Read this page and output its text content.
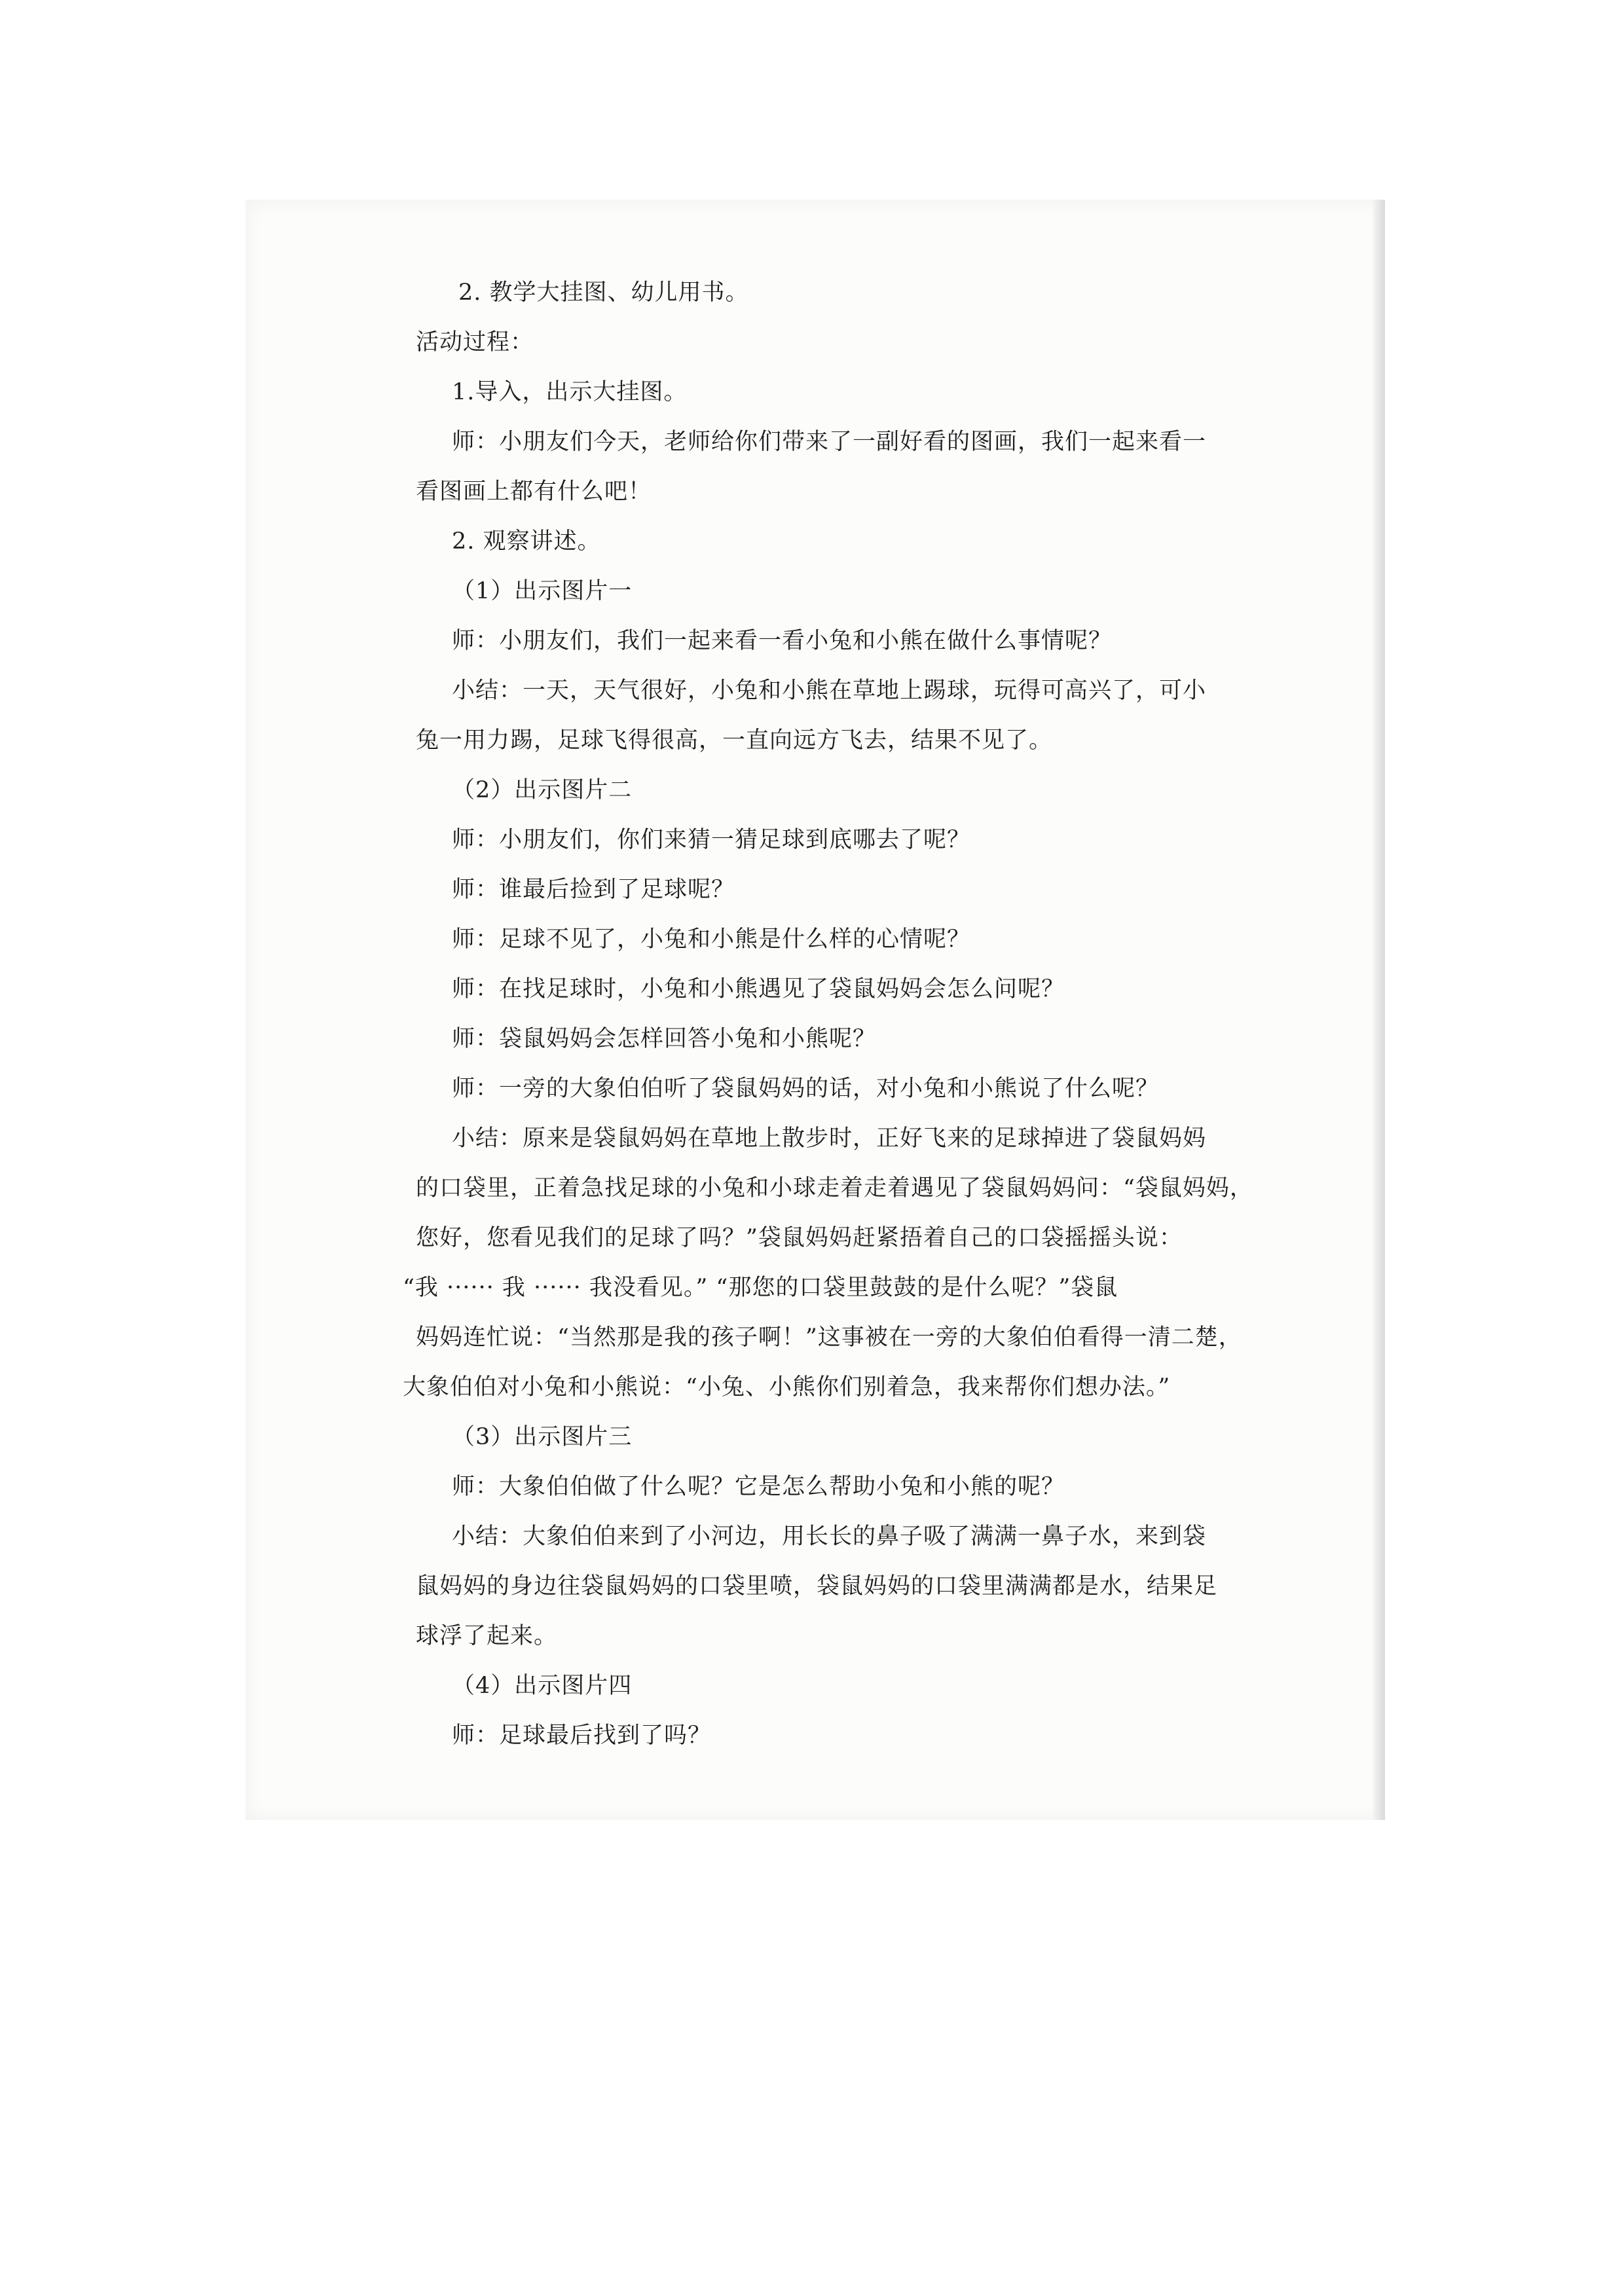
2. 教学大挂图、幼儿用书。
活动过程：
1.导入，出示大挂图。
师：小朋友们今天，老师给你们带来了一副好看的图画，我们一起来看一
看图画上都有什么吧！
2. 观察讲述。
（1）出示图片一
师：小朋友们，我们一起来看一看小兔和小熊在做什么事情呢？
小结：一天，天气很好，小兔和小熊在草地上踢球，玩得可高兴了，可小
兔一用力踢，足球飞得很高，一直向远方飞去，结果不见了。
（2）出示图片二
师：小朋友们，你们来猜一猜足球到底哪去了呢？
师：谁最后捡到了足球呢？
师：足球不见了，小兔和小熊是什么样的心情呢？
师：在找足球时，小兔和小熊遇见了袋鼠妈妈会怎么问呢？
师：袋鼠妈妈会怎样回答小兔和小熊呢？
师：一旁的大象伯伯听了袋鼠妈妈的话，对小兔和小熊说了什么呢？
小结：原来是袋鼠妈妈在草地上散步时，正好飞来的足球掉进了袋鼠妈妈
的口袋里，正着急找足球的小兔和小球走着走着遇见了袋鼠妈妈问：“袋鼠妈妈，
您好，您看见我们的足球了吗？”袋鼠妈妈赶紧捂着自己的口袋摇摇头说：
“我 ······ 我 ······ 我没看见。” “那您的口袋里鼓鼓的是什么呢？”袋鼠
妈妈连忙说：“当然那是我的孩子啊！”这事被在一旁的大象伯伯看得一清二楚，
大象伯伯对小兔和小熊说：“小兔、小熊你们别着急，我来帮你们想办法。”
（3）出示图片三
师：大象伯伯做了什么呢？它是怎么帮助小兔和小熊的呢？
小结：大象伯伯来到了小河边，用长长的鼻子吸了满满一鼻子水，来到袋
鼠妈妈的身边往袋鼠妈妈的口袋里喷，袋鼠妈妈的口袋里满满都是水，结果足
球浮了起来。
（4）出示图片四
师：足球最后找到了吗？
